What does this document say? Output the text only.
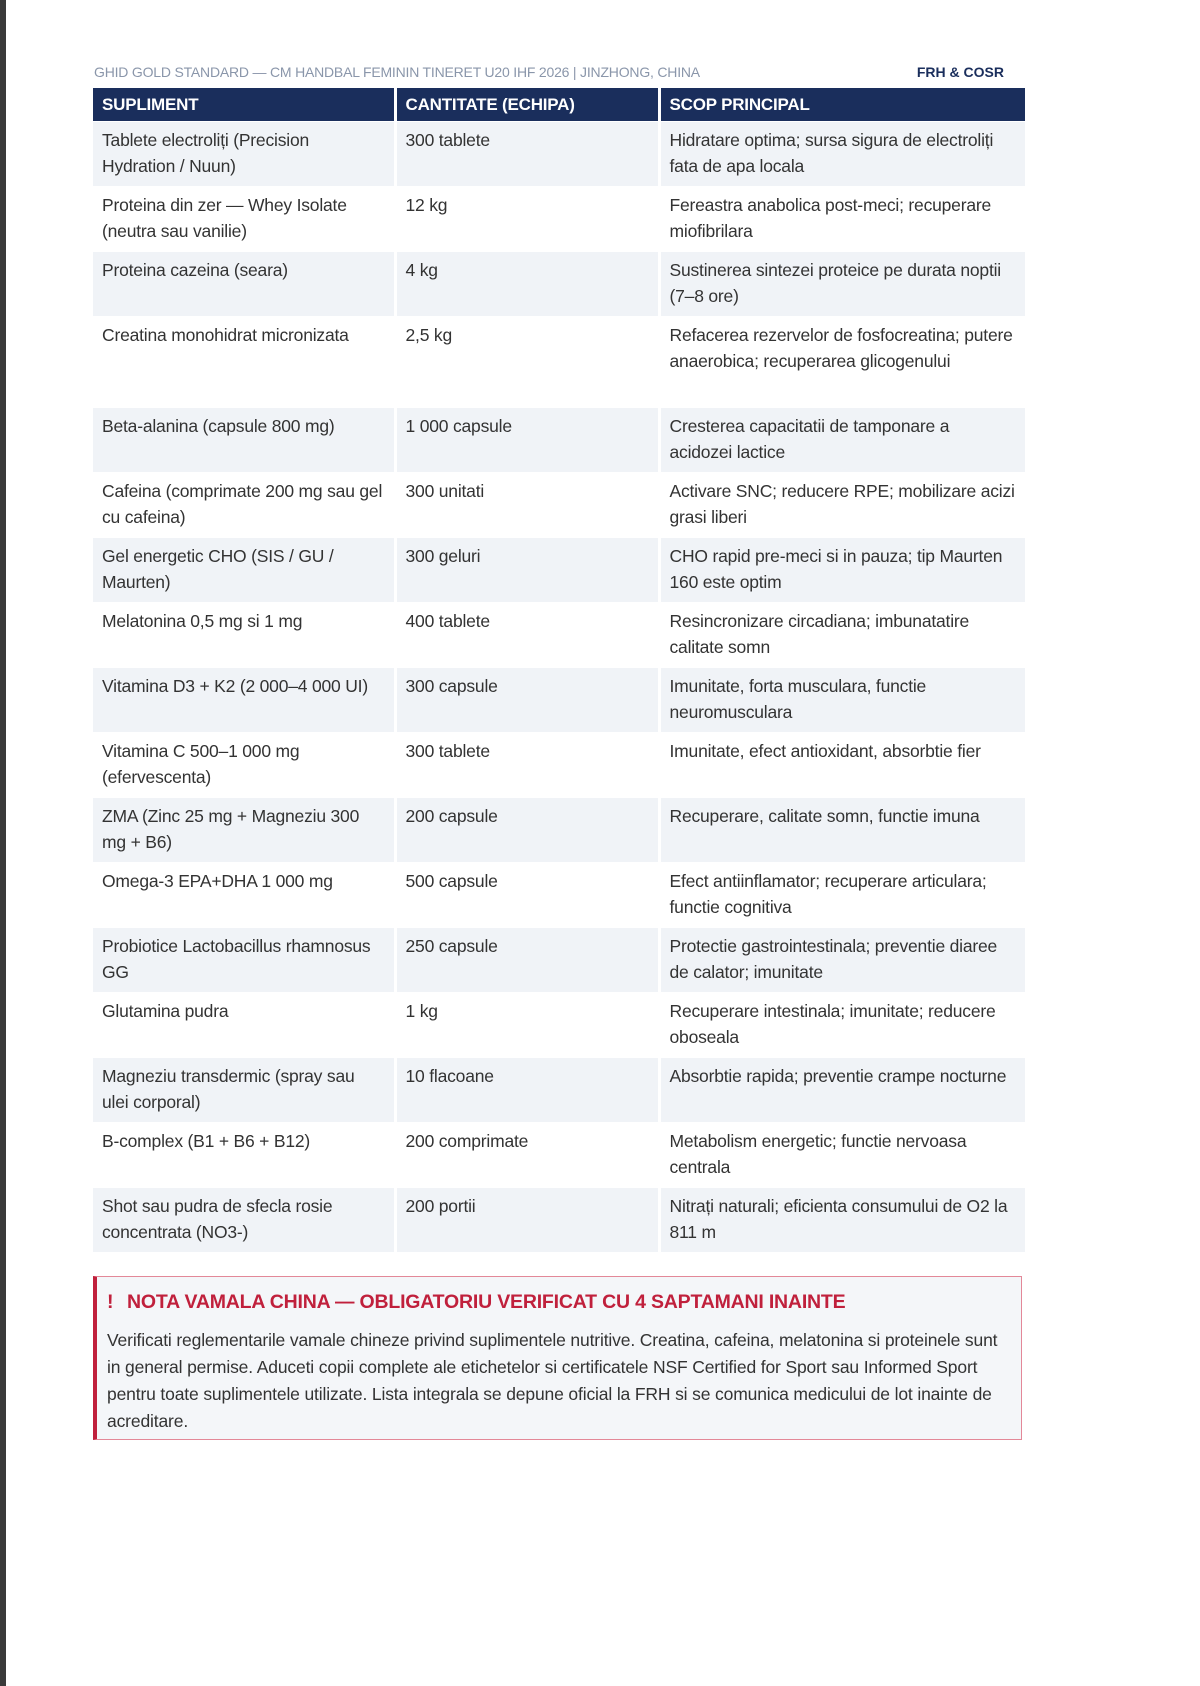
GHID GOLD STANDARD — CM HANDBAL FEMININ TINERET U20 IHF 2026 | JINZHONG, CHINA	FRH & COSR
SUPLIMENT	CANTITATE (ECHIPA)	SCOP PRINCIPAL
Tablete electroliți (Precision Hydration / Nuun)	300 tablete	Hidratare optima; sursa sigura de electroliți fata de apa locala
Proteina din zer — Whey Isolate (neutra sau vanilie)	12 kg	Fereastra anabolica post-meci; recuperare miofibrilara
Proteina cazeina (seara)	4 kg	Sustinerea sintezei proteice pe durata noptii (7–8 ore)
Creatina monohidrat micronizata	2,5 kg	Refacerea rezervelor de fosfocreatina; putere anaerobica; recuperarea glicogenului
Beta-alanina (capsule 800 mg)	1 000 capsule	Cresterea capacitatii de tamponare a acidozei lactice
Cafeina (comprimate 200 mg sau gel cu cafeina)	300 unitati	Activare SNC; reducere RPE; mobilizare acizi grasi liberi
Gel energetic CHO (SIS / GU / Maurten)	300 geluri	CHO rapid pre-meci si in pauza; tip Maurten 160 este optim
Melatonina 0,5 mg si 1 mg	400 tablete	Resincronizare circadiana; imbunatatire calitate somn
Vitamina D3 + K2 (2 000–4 000 UI)	300 capsule	Imunitate, forta musculara, functie neuromusculara
Vitamina C 500–1 000 mg (efervescenta)	300 tablete	Imunitate, efect antioxidant, absorbtie fier
ZMA (Zinc 25 mg + Magneziu 300 mg + B6)	200 capsule	Recuperare, calitate somn, functie imuna
Omega-3 EPA+DHA 1 000 mg	500 capsule	Efect antiinflamator; recuperare articulara; functie cognitiva
Probiotice Lactobacillus rhamnosus GG	250 capsule	Protectie gastrointestinala; preventie diaree de calator; imunitate
Glutamina pudra	1 kg	Recuperare intestinala; imunitate; reducere oboseala
Magneziu transdermic (spray sau ulei corporal)	10 flacoane	Absorbtie rapida; preventie crampe nocturne
B-complex (B1 + B6 + B12)	200 comprimate	Metabolism energetic; functie nervoasa centrala
Shot sau pudra de sfecla rosie concentrata (NO3-)	200 portii	Nitrați naturali; eficienta consumului de O2 la 811 m
! NOTA VAMALA CHINA — OBLIGATORIU VERIFICAT CU 4 SAPTAMANI INAINTE
Verificati reglementarile vamale chineze privind suplimentele nutritive. Creatina, cafeina, melatonina si proteinele sunt in general permise. Aduceti copii complete ale etichetelor si certificatele NSF Certified for Sport sau Informed Sport pentru toate suplimentele utilizate. Lista integrala se depune oficial la FRH si se comunica medicului de lot inainte de acreditare.
